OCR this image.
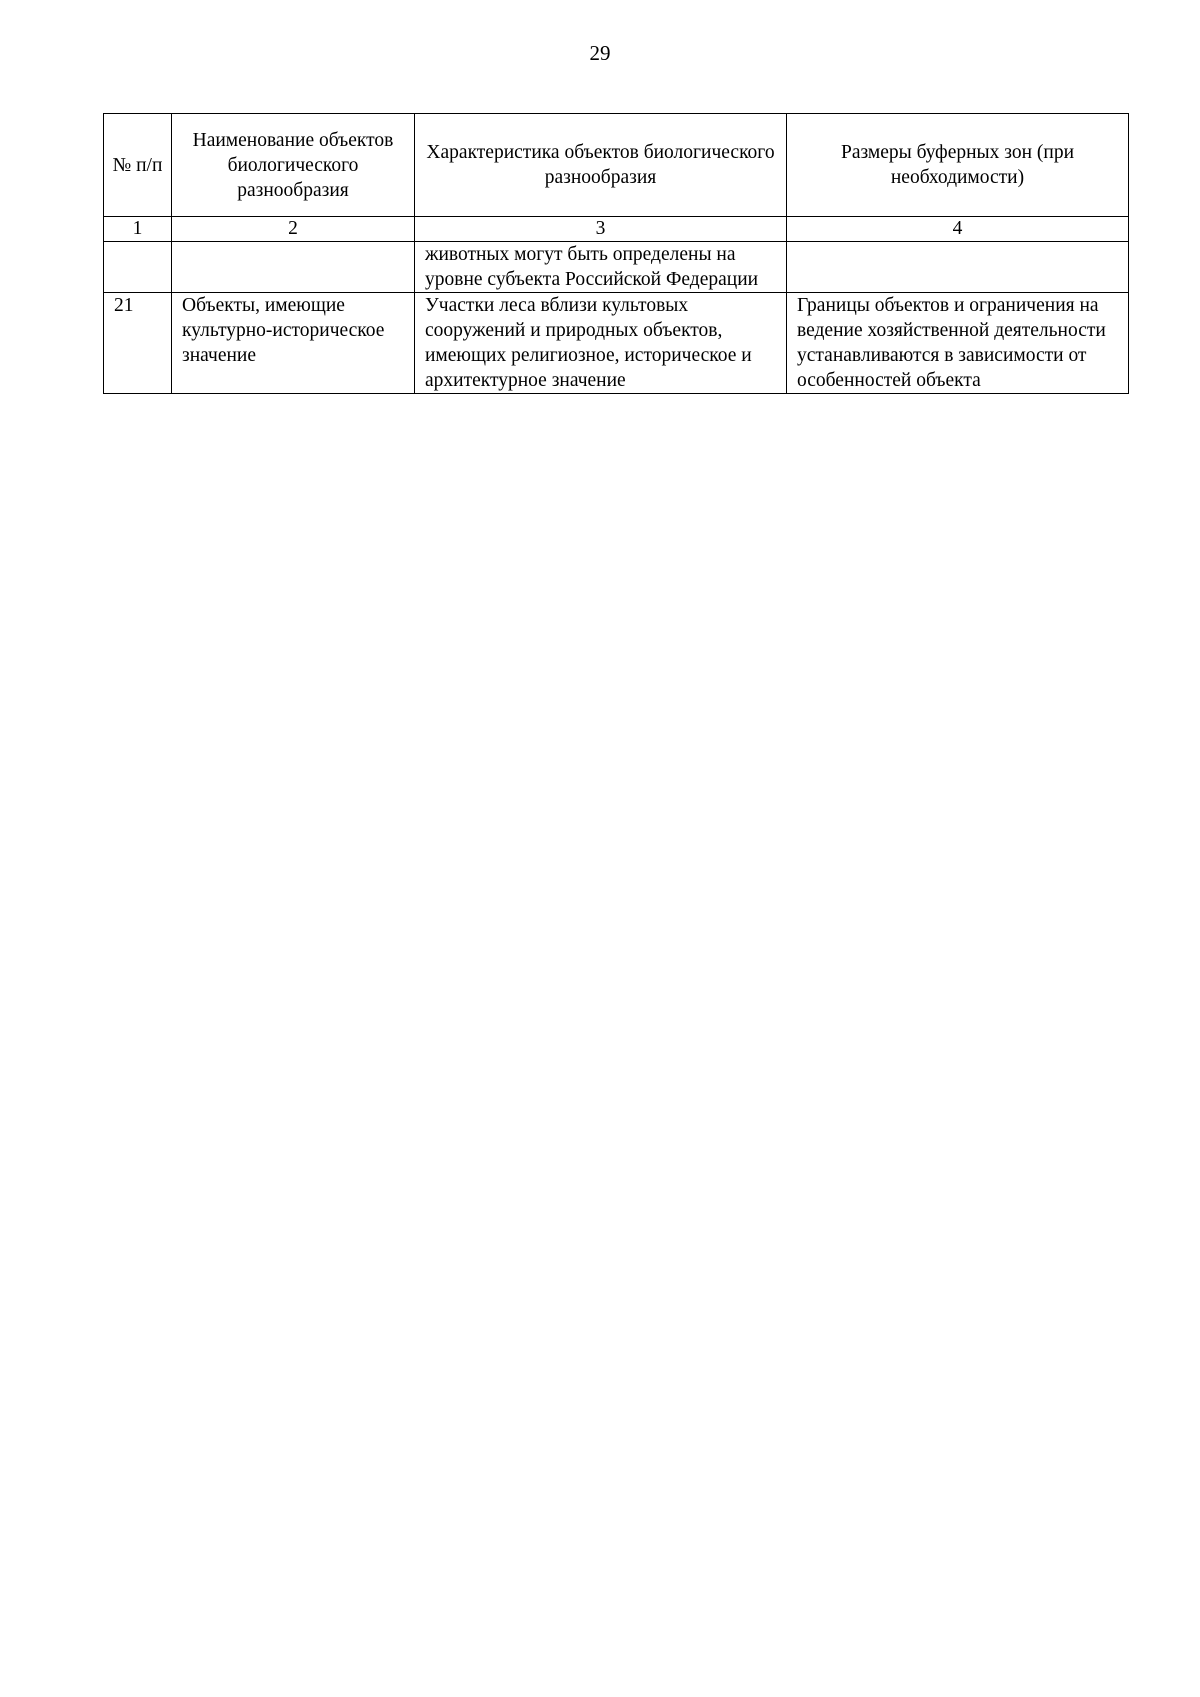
29
№ п/п	Наименование объектов биологического разнообразия	Характеристика объектов биологического разнообразия	Размеры буферных зон (при необходимости)
1	2	3	4
		животных могут быть определены на уровне субъекта Российской Федерации	
21	Объекты, имеющие культурно-историческое значение	Участки леса вблизи культовых сооружений и природных объектов, имеющих религиозное, историческое и архитектурное значение	Границы объектов и ограничения на ведение хозяйственной деятельности устанавливаются в зависимости от особенностей объекта
